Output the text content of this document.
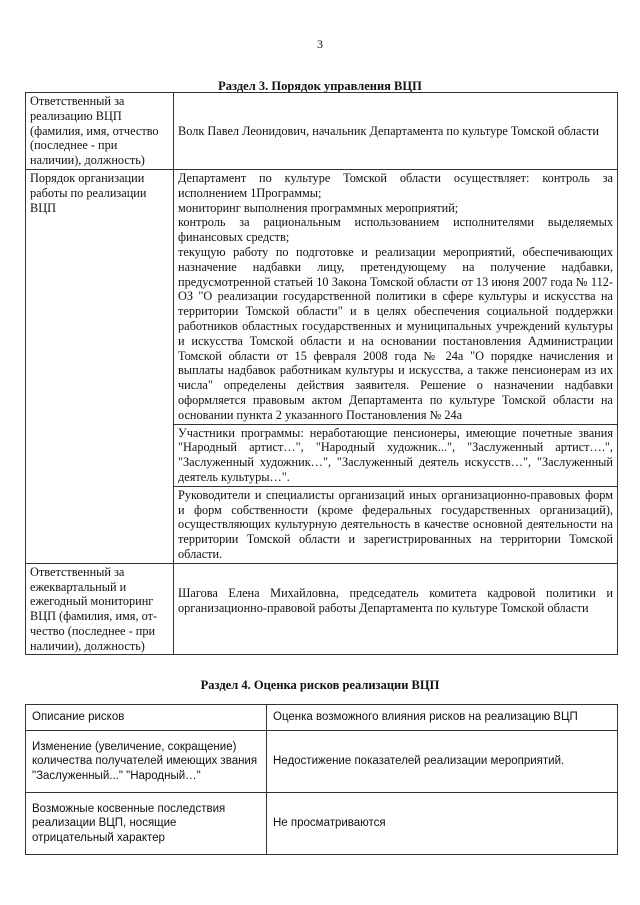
3
Раздел 3. Порядок управления ВЦП
Ответственный за реализацию ВЦП (фамилия, имя, отчество (последнее - при наличии), должность)	Волк Павел Леонидович, начальник Департамента по культуре Томской области
Порядок организации работы по реализации ВЦП	Департамент по культуре Томской области осуществляет: контроль за исполнением 1Программы;

мониторинг выполнения программных мероприятий;

контроль за рациональным использованием исполнителями выделяемых финансовых средств;

текущую работу по подготовке и реализации мероприятий, обеспечивающих назначение надбавки лицу, претендующему на получение надбавки, предусмотренной статьей 10 Закона Томской области от 13 июня 2007 года № 112-ОЗ "О реализации государственной политики в сфере культуры и искусства на территории Томской области" и в целях обеспечения социальной поддержки работников областных государственных и муниципальных учреждений культуры и искусства Томской области и на основании постановления Администрации Томской области от 15 февраля 2008 года № 24а "О порядке начисления и выплаты надбавок работникам культуры и искусства, а также пенсионерам из их числа" определены действия заявителя. Решение о назначении надбавки оформляется правовым актом Департамента по культуре Томской области на основании пункта 2 указанного Постановления № 24а

	Участники программы: неработающие пенсионеры, имеющие почетные звания "Народный артист…", "Народный художник...", "Заслуженный артист….", "Заслуженный художник…", "Заслуженный деятель искусств…", "Заслуженный деятель культуры…".
	Руководители и специалисты организаций иных организационно-правовых форм и форм собственности (кроме федеральных государственных организаций), осуществляющих культурную деятельность в качестве основной деятельности на территории Томской области и зарегистрированных на территории Томской области.
Ответственный за ежеквартальный и ежегодный мониторинг ВЦП (фамилия, имя, от-чество (последнее - при наличии), должность)	Шагова Елена Михайловна, председатель комитета кадровой политики и организационно-правовой работы Департамента по культуре Томской области
Раздел 4. Оценка рисков реализации ВЦП
Описание рисков	Оценка возможного влияния рисков на реализацию ВЦП
Изменение (увеличение, сокращение) количества получателей имеющих звания "Заслуженный..." "Народный…"	Недостижение показателей реализации мероприятий.
Возможные косвенные последствия реализации ВЦП, носящие отрицательный характер	Не просматриваются
